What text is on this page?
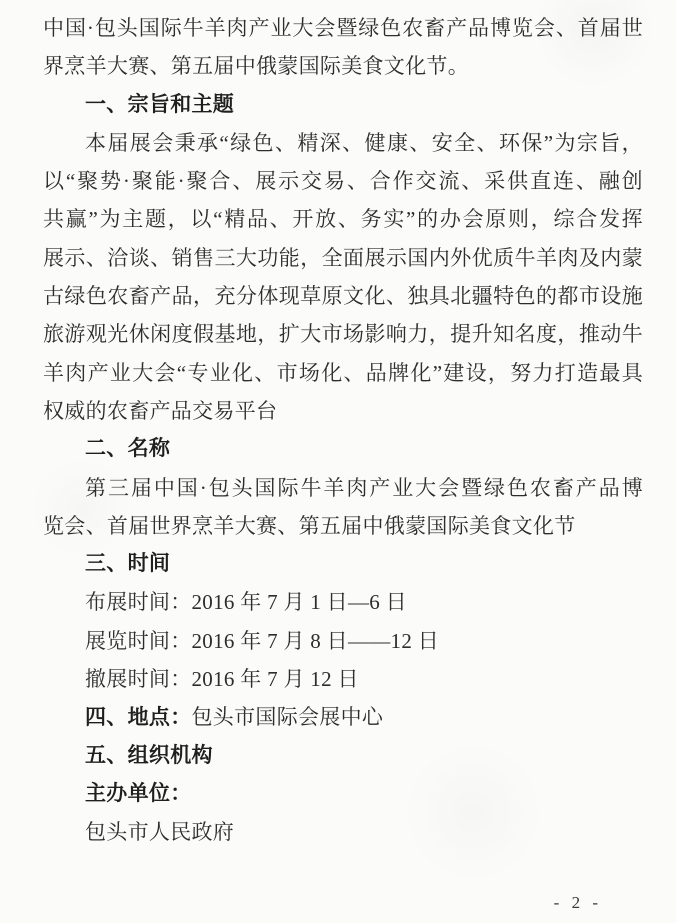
中国·包头国际牛羊肉产业大会暨绿色农畜产品博览会、首届世
界烹羊大赛、第五届中俄蒙国际美食文化节。
一、宗旨和主题
本届展会秉承“绿色、精深、健康、安全、环保”为宗旨，
以“聚势·聚能·聚合、展示交易、合作交流、采供直连、融创
共赢”为主题，以“精品、开放、务实”的办会原则，综合发挥
展示、洽谈、销售三大功能，全面展示国内外优质牛羊肉及内蒙
古绿色农畜产品，充分体现草原文化、独具北疆特色的都市设施
旅游观光休闲度假基地，扩大市场影响力，提升知名度，推动牛
羊肉产业大会“专业化、市场化、品牌化”建设，努力打造最具
权威的农畜产品交易平台
二、名称
第三届中国·包头国际牛羊肉产业大会暨绿色农畜产品博
览会、首届世界烹羊大赛、第五届中俄蒙国际美食文化节
三、时间
布展时间：2016 年 7 月 1 日—6 日
展览时间：2016 年 7 月 8 日——12 日
撤展时间：2016 年 7 月 12 日
四、地点：包头市国际会展中心
五、组织机构
主办单位：
包头市人民政府
- 2 -
